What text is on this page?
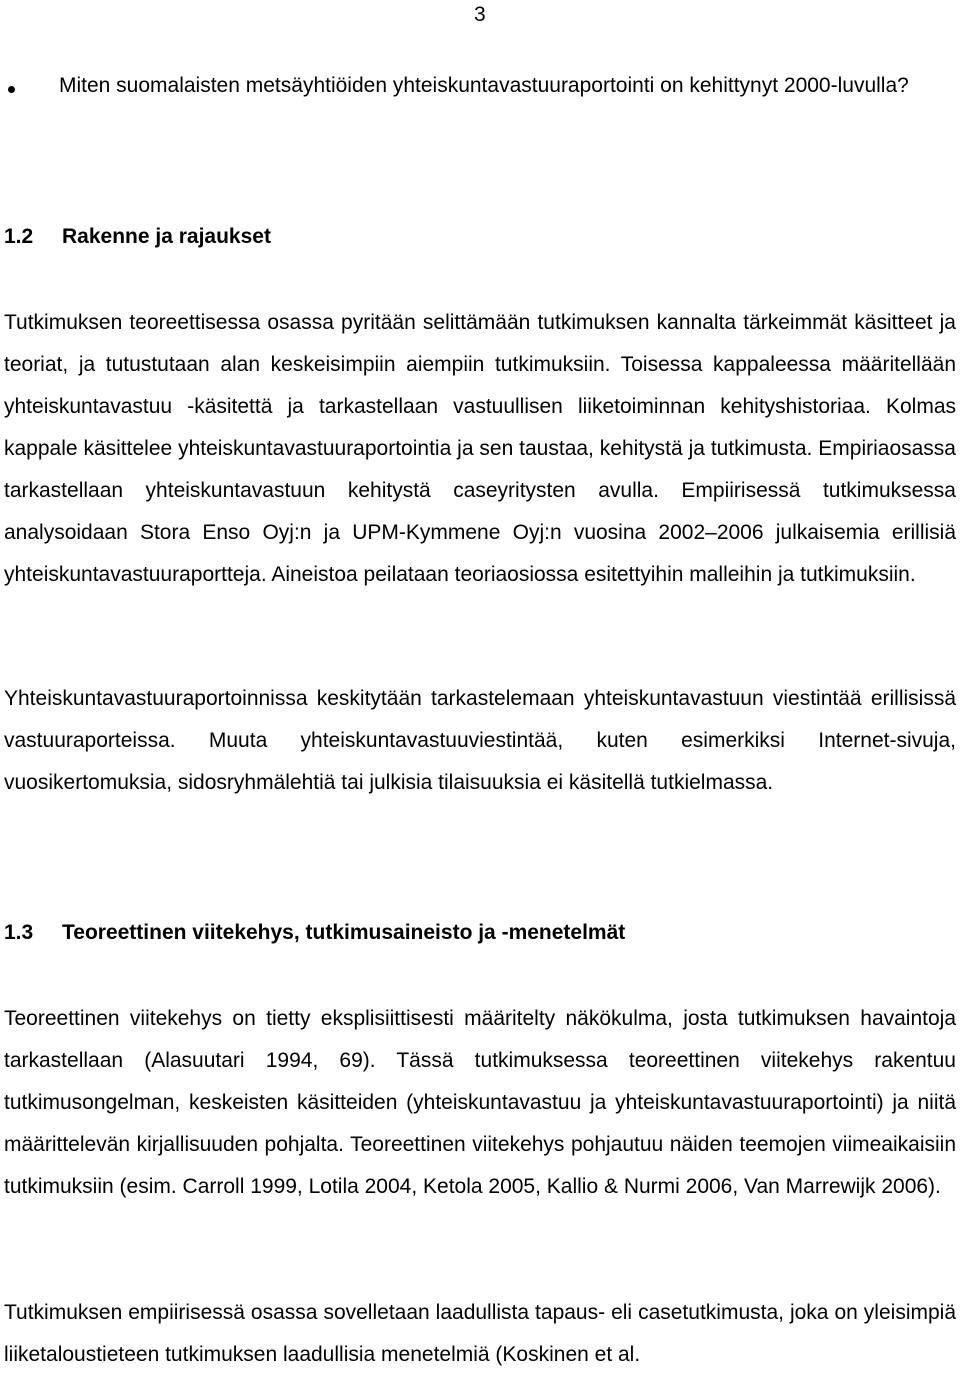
3
Miten suomalaisten metsäyhtiöiden yhteiskuntavastuuraportointi on kehittynyt 2000-luvulla?
1.2 Rakenne ja rajaukset
Tutkimuksen teoreettisessa osassa pyritään selittämään tutkimuksen kannalta tärkeimmät käsitteet ja teoriat, ja tutustutaan alan keskeisimpiin aiempiin tutkimuksiin. Toisessa kappaleessa määritellään yhteiskuntavastuu -käsitettä ja tarkastellaan vastuullisen liiketoiminnan kehityshistoriaa. Kolmas kappale käsittelee yhteiskuntavastuuraportointia ja sen taustaa, kehitystä ja tutkimusta. Empiriaosassa tarkastellaan yhteiskuntavastuun kehitystä caseyritysten avulla. Empiirisessä tutkimuksessa analysoidaan Stora Enso Oyj:n ja UPM-Kymmene Oyj:n vuosina 2002–2006 julkaisemia erillisiä yhteiskuntavastuuraportteja. Aineistoa peilataan teoriaosiossa esitettyihin malleihin ja tutkimuksiin.
Yhteiskuntavastuuraportoinnissa keskitytään tarkastelemaan yhteiskuntavastuun viestintää erillisissä vastuuraporteissa. Muuta yhteiskuntavastuuviestintää, kuten esimerkiksi Internet-sivuja, vuosikertomuksia, sidosryhmälehtiä tai julkisia tilaisuuksia ei käsitellä tutkielmassa.
1.3 Teoreettinen viitekehys, tutkimusaineisto ja -menetelmät
Teoreettinen viitekehys on tietty eksplisiittisesti määritelty näkökulma, josta tutkimuksen havaintoja tarkastellaan (Alasuutari 1994, 69). Tässä tutkimuksessa teoreettinen viitekehys rakentuu tutkimusongelman, keskeisten käsitteiden (yhteiskuntavastuu ja yhteiskuntavastuuraportointi) ja niitä määrittelevän kirjallisuuden pohjalta. Teoreettinen viitekehys pohjautuu näiden teemojen viimeaikaisiin tutkimuksiin (esim. Carroll 1999, Lotila 2004, Ketola 2005, Kallio & Nurmi 2006, Van Marrewijk 2006).
Tutkimuksen empiirisessä osassa sovelletaan laadullista tapaus- eli casetutkimusta, joka on yleisimpiä liiketaloustieteen tutkimuksen laadullisia menetelmiä (Koskinen et al.
